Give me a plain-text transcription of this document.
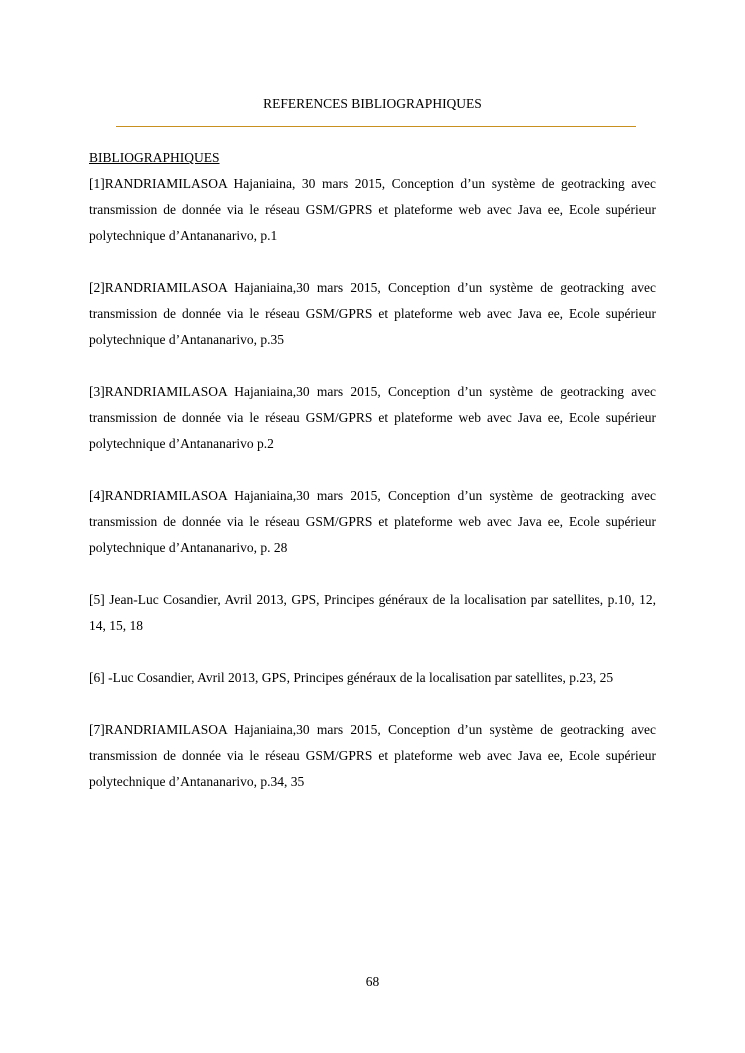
REFERENCES BIBLIOGRAPHIQUES

BIBLIOGRAPHIQUES

[1]RANDRIAMILASOA Hajaniaina, 30 mars 2015, Conception d’un système de geotracking avec transmission de donnée via le réseau GSM/GPRS et plateforme web avec Java ee, Ecole supérieur polytechnique d’Antananarivo, p.1

[2]RANDRIAMILASOA Hajaniaina,30 mars 2015, Conception d’un système de geotracking avec transmission de donnée via le réseau GSM/GPRS et plateforme web avec Java ee, Ecole supérieur polytechnique d’Antananarivo, p.35

[3]RANDRIAMILASOA Hajaniaina,30 mars 2015, Conception d’un système de geotracking avec transmission de donnée via le réseau GSM/GPRS et plateforme web avec Java ee, Ecole supérieur polytechnique d’Antananarivo p.2

[4]RANDRIAMILASOA Hajaniaina,30 mars 2015, Conception d’un système de geotracking avec transmission de donnée via le réseau GSM/GPRS et plateforme web avec Java ee, Ecole supérieur polytechnique d’Antananarivo, p. 28

[5] Jean-Luc Cosandier, Avril 2013, GPS, Principes généraux de la localisation par satellites, p.10, 12, 14, 15, 18

[6] -Luc Cosandier, Avril 2013, GPS, Principes généraux de la localisation par satellites, p.23, 25

[7]RANDRIAMILASOA Hajaniaina,30 mars 2015, Conception d’un système de geotracking avec transmission de donnée via le réseau GSM/GPRS et plateforme web avec Java ee, Ecole supérieur polytechnique d’Antananarivo, p.34, 35

68
